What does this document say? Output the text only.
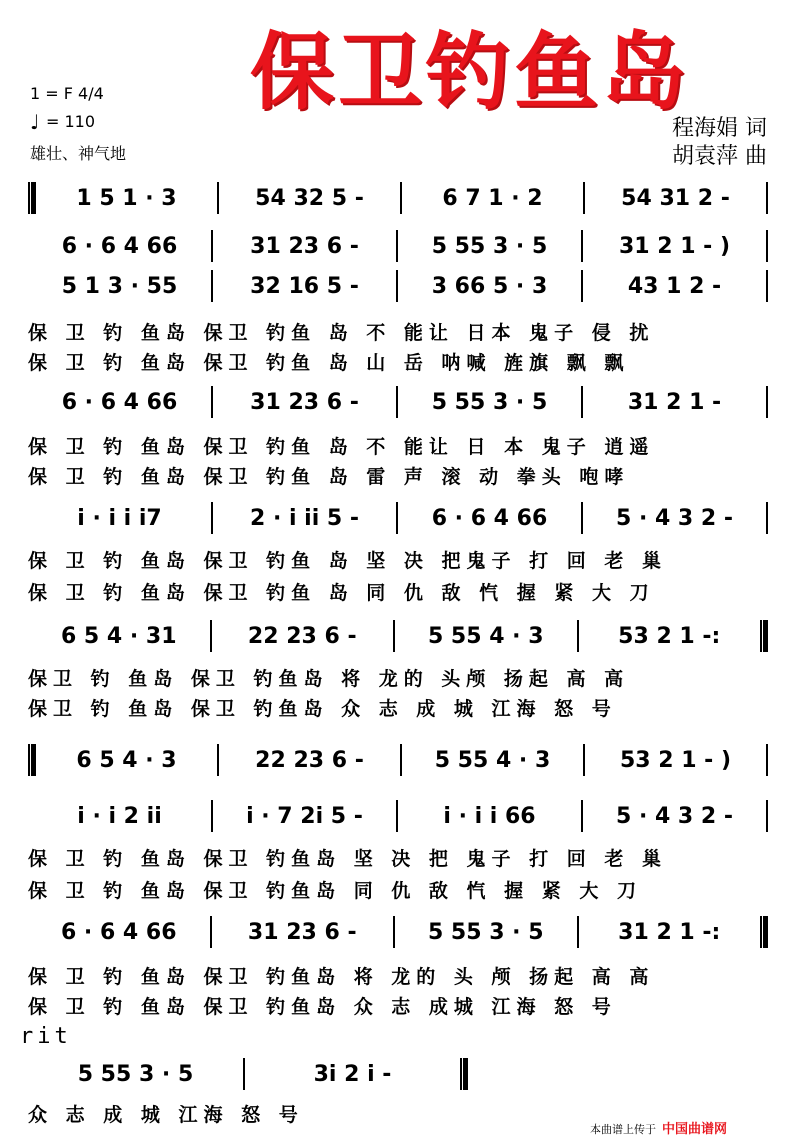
保卫钓鱼岛
1 = F 4/4
♩ = 110
雄壮、神气地
程海娟 词
胡袁萍 曲
1 5 1 · 3	54 32 5 -	6 7 1 · 2	54 31 2 -
6 · 6 4 66	31 23 6 -	5 55 3 · 5	31 2 1 - )
5 1 3 · 55	32 16 5 -	3 66 5 · 3	43 1 2 -
保 卫 钓 鱼岛 保卫 钓鱼 岛 不 能让 日本 鬼子 侵 扰
保 卫 钓 鱼岛 保卫 钓鱼 岛 山 岳 呐喊 旌旗 飘 飘
6 · 6 4 66	31 23 6 -	5 55 3 · 5	31 2 1 -
保 卫 钓 鱼岛 保卫 钓鱼 岛 不 能让 日 本 鬼子 逍遥
保 卫 钓 鱼岛 保卫 钓鱼 岛 雷 声 滚 动 拳头 咆哮
i · i i i7	2 · i ii 5 -	6 · 6 4 66	5 · 4 3 2 -
保 卫 钓 鱼岛 保卫 钓鱼 岛 坚 决 把鬼子 打 回 老 巢
保 卫 钓 鱼岛 保卫 钓鱼 岛 同 仇 敌 忾 握 紧 大 刀
6 5 4 · 31	22 23 6 -	5 55 4 · 3	53 2 1 -:
保卫 钓 鱼岛 保卫 钓鱼岛 将 龙的 头颅 扬起 高 高
保卫 钓 鱼岛 保卫 钓鱼岛 众 志 成 城 江海 怒 号
6 5 4 · 3	22 23 6 -	5 55 4 · 3	53 2 1 - )
i · i 2 ii	i · 7 2i 5 -	i · i i 66	5 · 4 3 2 -
保 卫 钓 鱼岛 保卫 钓鱼岛 坚 决 把 鬼子 打 回 老 巢
保 卫 钓 鱼岛 保卫 钓鱼岛 同 仇 敌 忾 握 紧 大 刀
6 · 6 4 66	31 23 6 -	5 55 3 · 5	31 2 1 -:
保 卫 钓 鱼岛 保卫 钓鱼岛 将 龙的 头 颅 扬起 高 高
保 卫 钓 鱼岛 保卫 钓鱼岛 众 志 成城 江海 怒 号
rit
5 55 3 · 5	3i 2 i -
众 志 成 城 江海 怒 号
本曲谱上传于 中国曲谱网
